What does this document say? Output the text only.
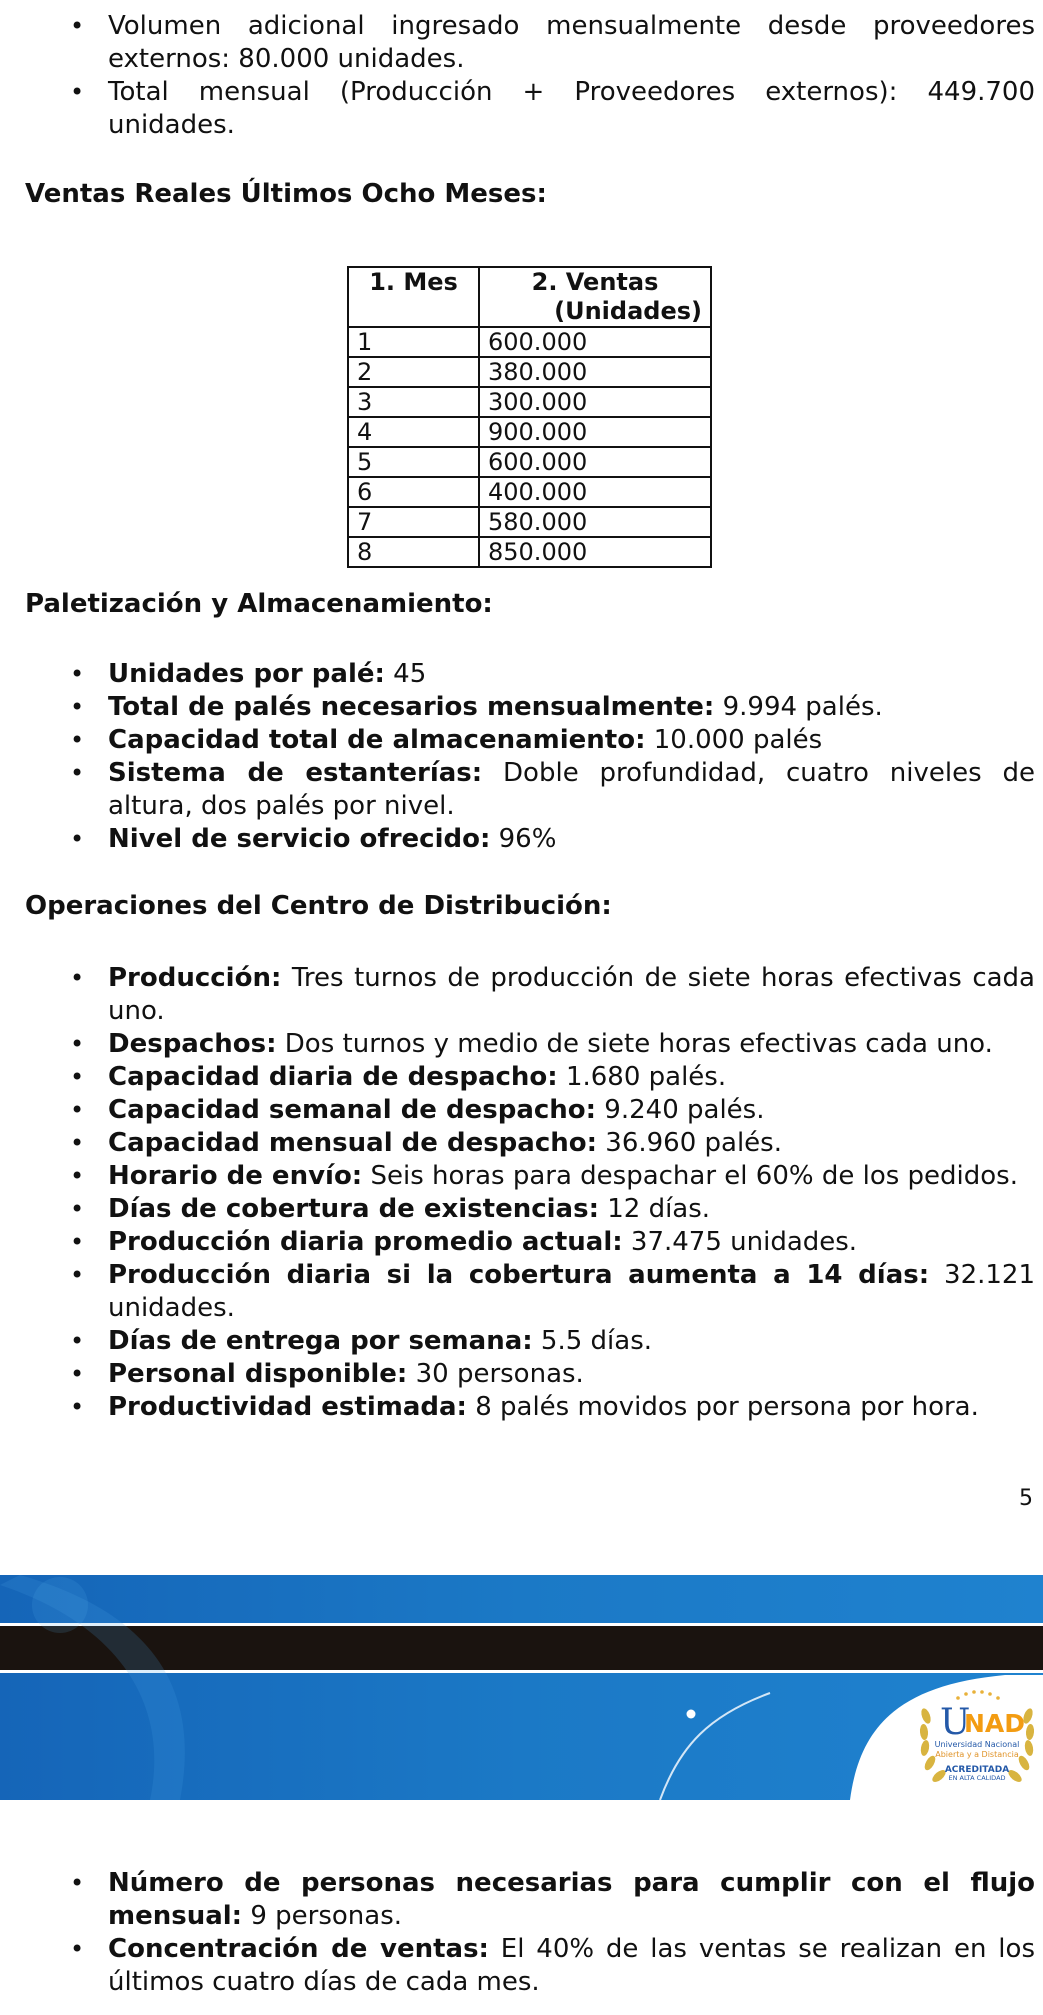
• Volumen adicional ingresado mensualmente desde proveedores externos: 80.000 unidades.
• Total mensual (Producción + Proveedores externos): 449.700 unidades.
Ventas Reales Últimos Ocho Meses:
1. Mes	2. Ventas
(Unidades)

1	600.000
2	380.000
3	300.000
4	900.000
5	600.000
6	400.000
7	580.000
8	850.000
Paletización y Almacenamiento:
• Unidades por palé: 45
• Total de palés necesarios mensualmente: 9.994 palés.
• Capacidad total de almacenamiento: 10.000 palés
• Sistema de estanterías: Doble profundidad, cuatro niveles de altura, dos palés por nivel.
• Nivel de servicio ofrecido: 96%
Operaciones del Centro de Distribución:
• Producción: Tres turnos de producción de siete horas efectivas cada uno.
• Despachos: Dos turnos y medio de siete horas efectivas cada uno.
• Capacidad diaria de despacho: 1.680 palés.
• Capacidad semanal de despacho: 9.240 palés.
• Capacidad mensual de despacho: 36.960 palés.
• Horario de envío: Seis horas para despachar el 60% de los pedidos.
• Días de cobertura de existencias: 12 días.
• Producción diaria promedio actual: 37.475 unidades.
• Producción diaria si la cobertura aumenta a 14 días: 32.121 unidades.
• Días de entrega por semana: 5.5 días.
• Personal disponible: 30 personas.
• Productividad estimada: 8 palés movidos por persona por hora.
5
U
NAD
Universidad Nacional
Abierta y a Distancia
ACREDITADA
EN ALTA CALIDAD
• Número de personas necesarias para cumplir con el flujo mensual: 9 personas.
• Concentración de ventas: El 40% de las ventas se realizan en los últimos cuatro días de cada mes.
